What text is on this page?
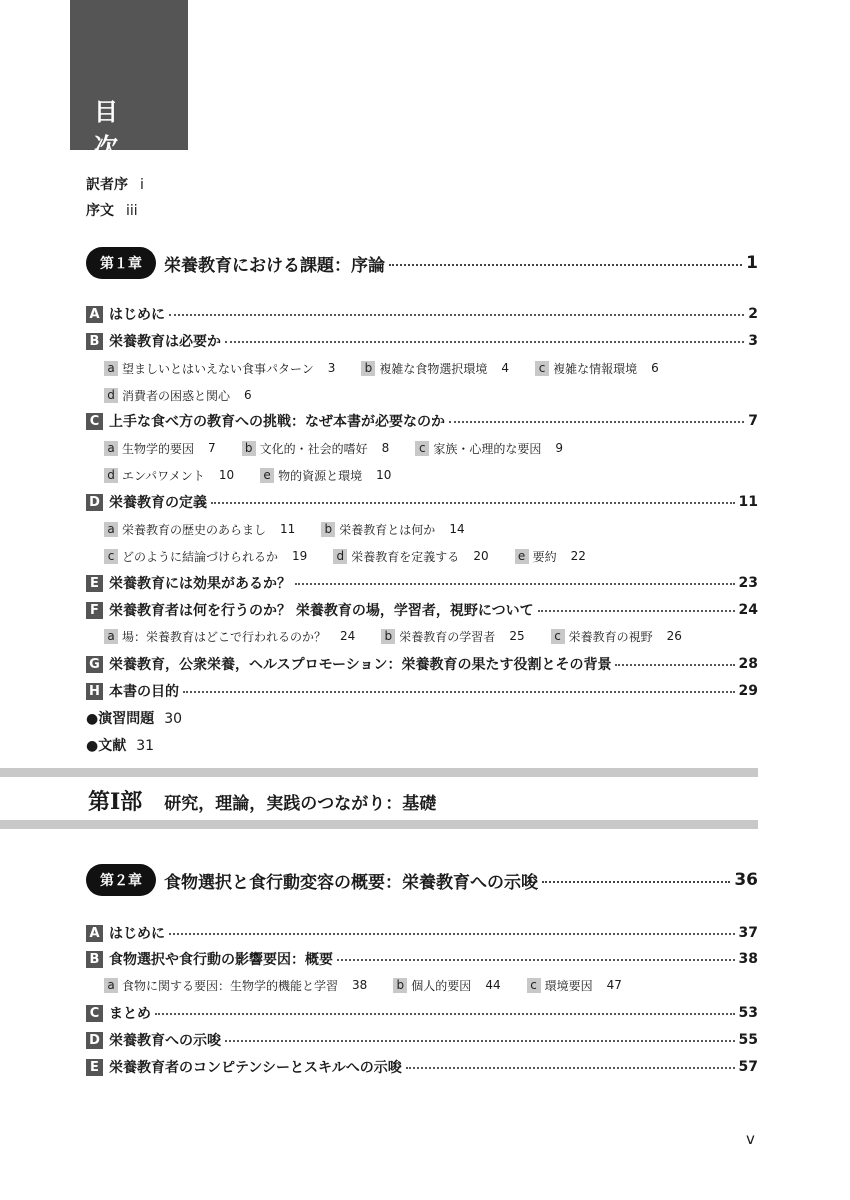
目 次
訳者序 i
序文 iii
第１章	栄養教育における課題：序論	1
A はじめに	2
B 栄養教育は必要か	3
a 望ましいとはいえない食事パターン 3 b 複雑な食物選択環境 4	c 複雑な情報環境 6
d 消費者の困惑と関心 6
C 上手な食べ方の教育への挑戦：なぜ本書が必要なのか	7
a 生物学的要因 7 b 文化的・社会的嗜好 8	c 家族・心理的な要因 9
d エンパワメント 10 e 物的資源と環境 10
D 栄養教育の定義	11
a 栄養教育の歴史のあらまし 11 b 栄養教育とは何か 14
c どのように結論づけられるか 19 d 栄養教育を定義する 20 e 要約 22
E 栄養教育には効果があるか？	23
F 栄養教育者は何を行うのか？ 栄養教育の場，学習者，視野について	24
a 場：栄養教育はどこで行われるのか？ 24 b 栄養教育の学習者 25	c 栄養教育の視野 26
G 栄養教育，公衆栄養，ヘルスプロモーション：栄養教育の果たす役割とその背景	28
H 本書の目的	29
●演習問題 30
●文献 31
第Ⅰ部 研究，理論，実践のつながり：基礎
第２章	食物選択と食行動変容の概要：栄養教育への示唆	36
A はじめに	37
B 食物選択や食行動の影響要因：概要	38
a 食物に関する要因：生物学的機能と学習 38 b 個人的要因 44	c 環境要因 47
C まとめ	53
D 栄養教育への示唆	55
E 栄養教育者のコンピテンシーとスキルへの示唆	57
v
